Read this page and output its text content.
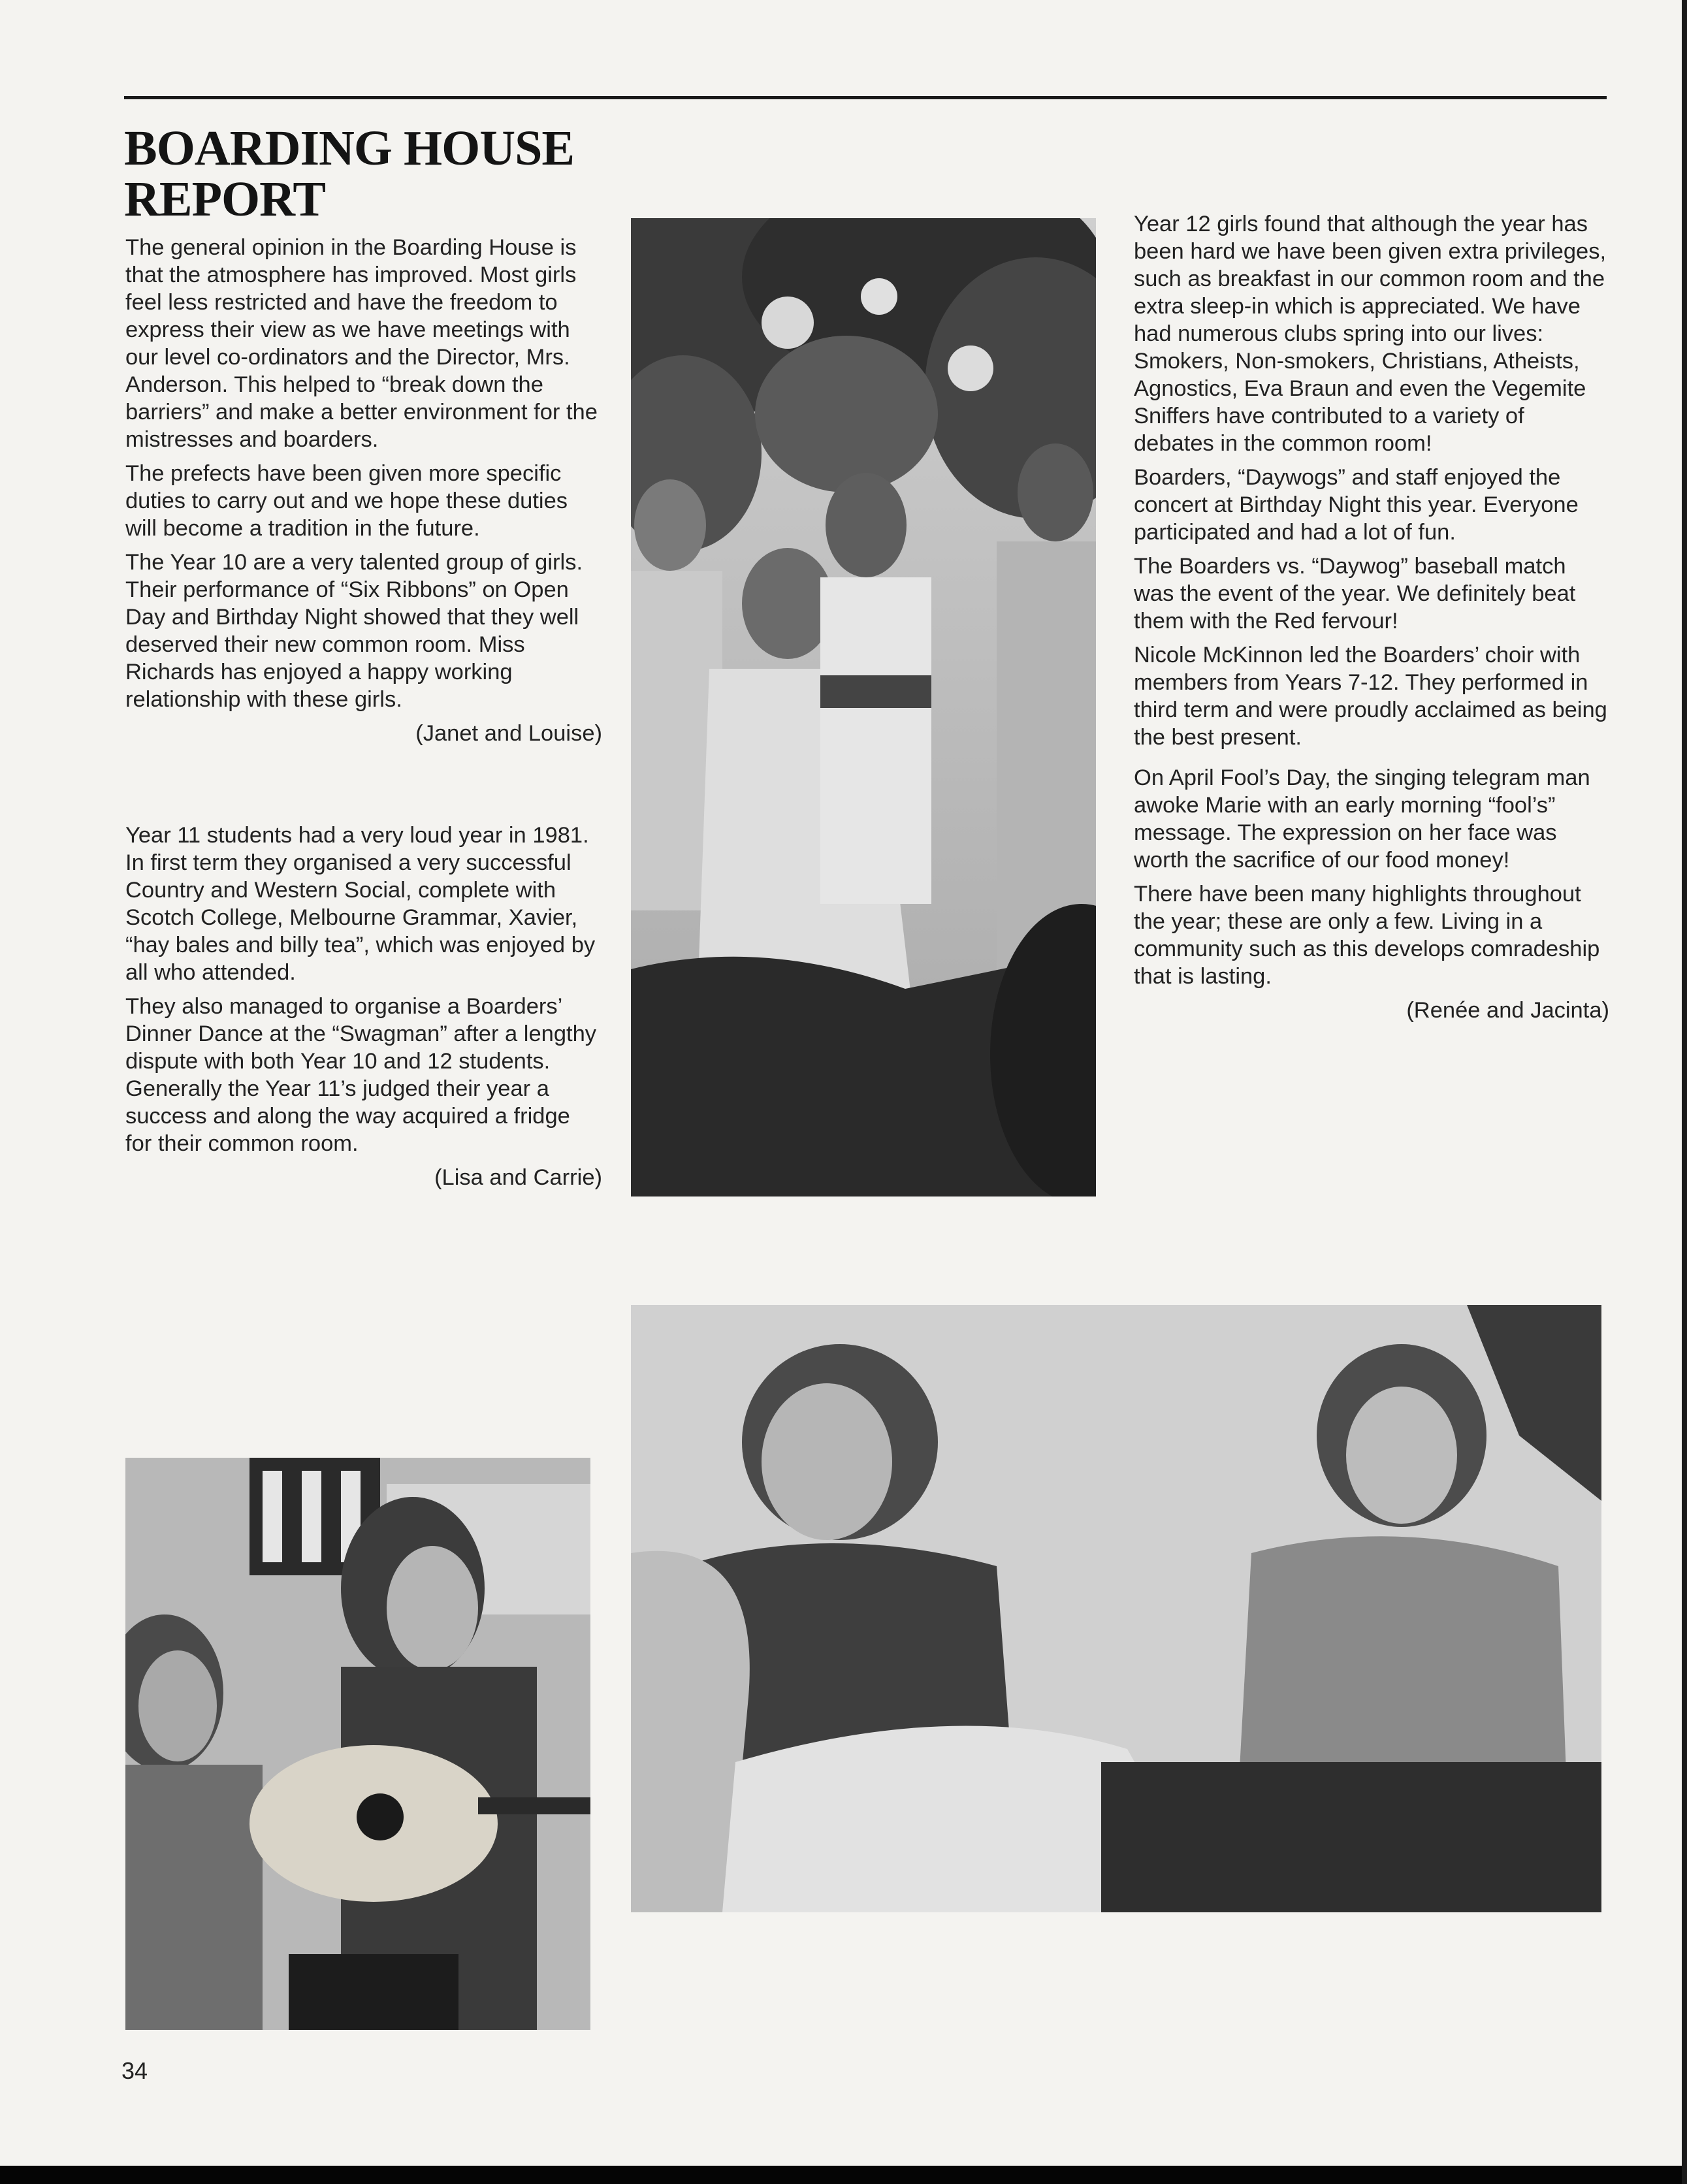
BOARDING HOUSE
REPORT

The general opinion in the Boarding House is that the atmosphere has improved. Most girls feel less restricted and have the freedom to express their view as we have meetings with our level co-ordinators and the Director, Mrs. Anderson. This helped to “break down the barriers” and make a better environment for the mistresses and boarders.

The prefects have been given more specific duties to carry out and we hope these duties will become a tradition in the future.

The Year 10 are a very talented group of girls. Their performance of “Six Ribbons” on Open Day and Birthday Night showed that they well deserved their new common room. Miss Richards has enjoyed a happy working relationship with these girls.

(Janet and Louise)

Year 11 students had a very loud year in 1981. In first term they organised a very successful Country and Western Social, complete with Scotch College, Melbourne Grammar, Xavier, “hay bales and billy tea”, which was enjoyed by all who attended.

They also managed to organise a Boarders’ Dinner Dance at the “Swagman” after a lengthy dispute with both Year 10 and 12 students. Generally the Year 11’s judged their year a success and along the way acquired a fridge for their common room.

(Lisa and Carrie)

Year 12 girls found that although the year has been hard we have been given extra privileges, such as breakfast in our common room and the extra sleep-in which is appreciated. We have had numerous clubs spring into our lives: Smokers, Non-smokers, Christians, Atheists, Agnostics, Eva Braun and even the Vegemite Sniffers have contributed to a variety of debates in the common room!

Boarders, “Daywogs” and staff enjoyed the concert at Birthday Night this year. Everyone participated and had a lot of fun.

The Boarders vs. “Daywog” baseball match was the event of the year. We definitely beat them with the Red fervour!

Nicole McKinnon led the Boarders’ choir with members from Years 7-12. They performed in third term and were proudly acclaimed as being the best present.

On April Fool’s Day, the singing telegram man awoke Marie with an early morning “fool’s” message. The expression on her face was worth the sacrifice of our food money!

There have been many highlights throughout the year; these are only a few. Living in a community such as this develops comradeship that is lasting.

(Renée and Jacinta)

34
